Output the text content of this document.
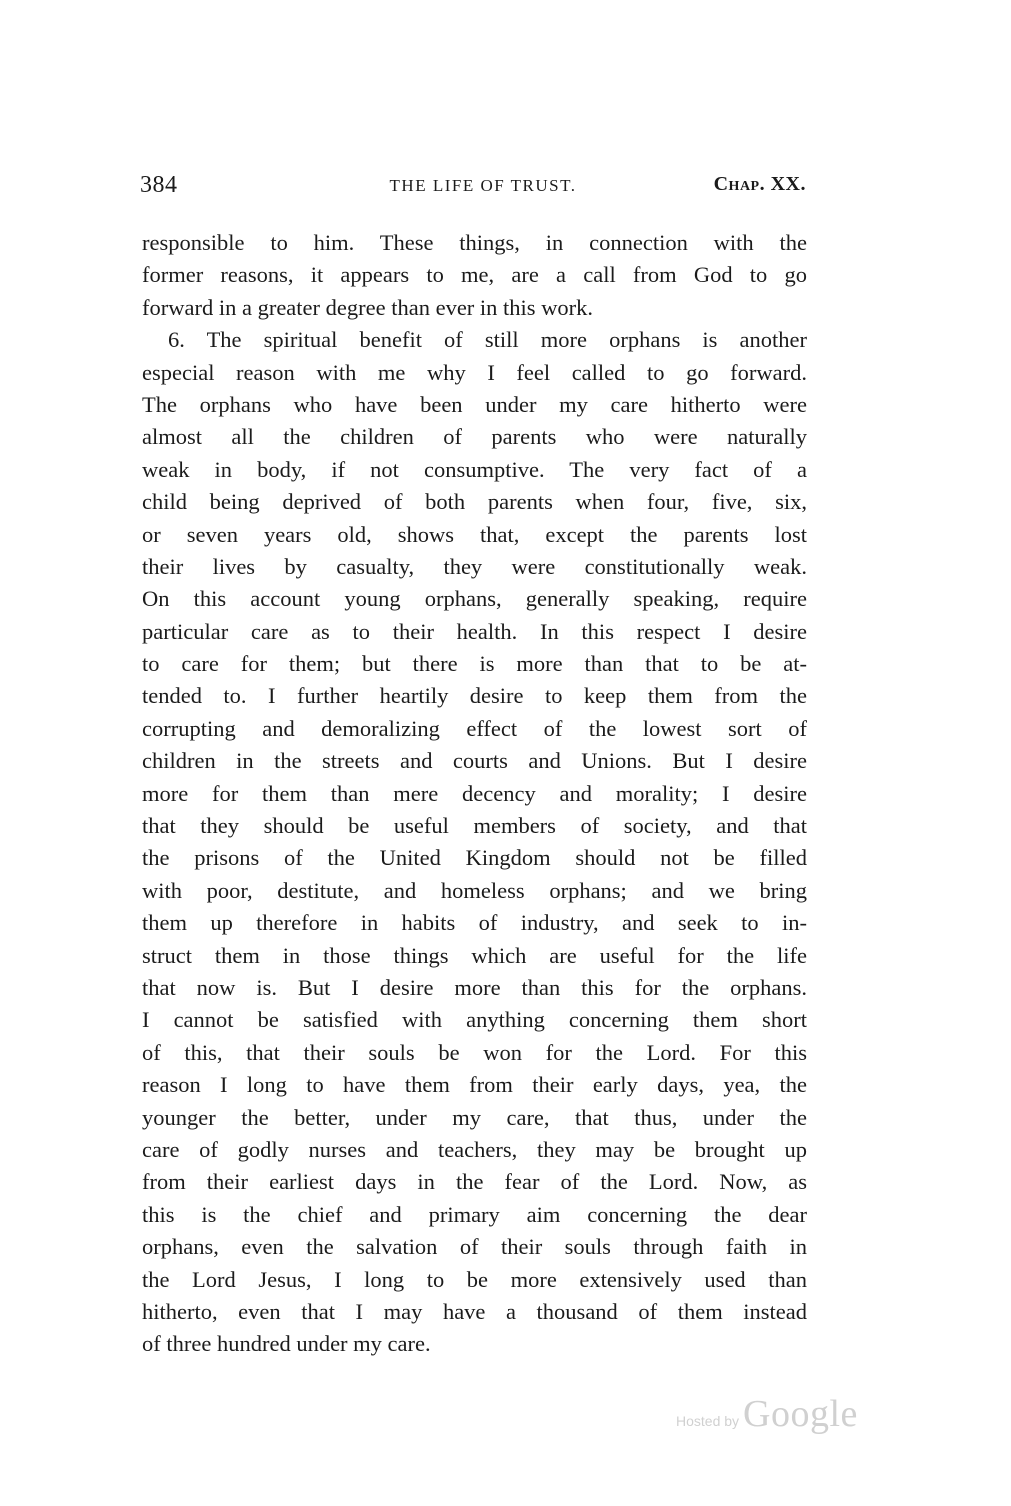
384	THE LIFE OF TRUST.	Chap. XX.
responsible to him. These things, in connection with the
former reasons, it appears to me, are a call from God to go
forward in a greater degree than ever in this work.
6. The spiritual benefit of still more orphans is another
especial reason with me why I feel called to go forward.
The orphans who have been under my care hitherto were
almost all the children of parents who were naturally
weak in body, if not consumptive. The very fact of a
child being deprived of both parents when four, five, six,
or seven years old, shows that, except the parents lost
their lives by casualty, they were constitutionally weak.
On this account young orphans, generally speaking, require
particular care as to their health. In this respect I desire
to care for them; but there is more than that to be at-
tended to. I further heartily desire to keep them from the
corrupting and demoralizing effect of the lowest sort of
children in the streets and courts and Unions. But I desire
more for them than mere decency and morality; I desire
that they should be useful members of society, and that
the prisons of the United Kingdom should not be filled
with poor, destitute, and homeless orphans; and we bring
them up therefore in habits of industry, and seek to in-
struct them in those things which are useful for the life
that now is. But I desire more than this for the orphans.
I cannot be satisfied with anything concerning them short
of this, that their souls be won for the Lord. For this
reason I long to have them from their early days, yea, the
younger the better, under my care, that thus, under the
care of godly nurses and teachers, they may be brought up
from their earliest days in the fear of the Lord. Now, as
this is the chief and primary aim concerning the dear
orphans, even the salvation of their souls through faith in
the Lord Jesus, I long to be more extensively used than
hitherto, even that I may have a thousand of them instead
of three hundred under my care.
Hosted by Google
